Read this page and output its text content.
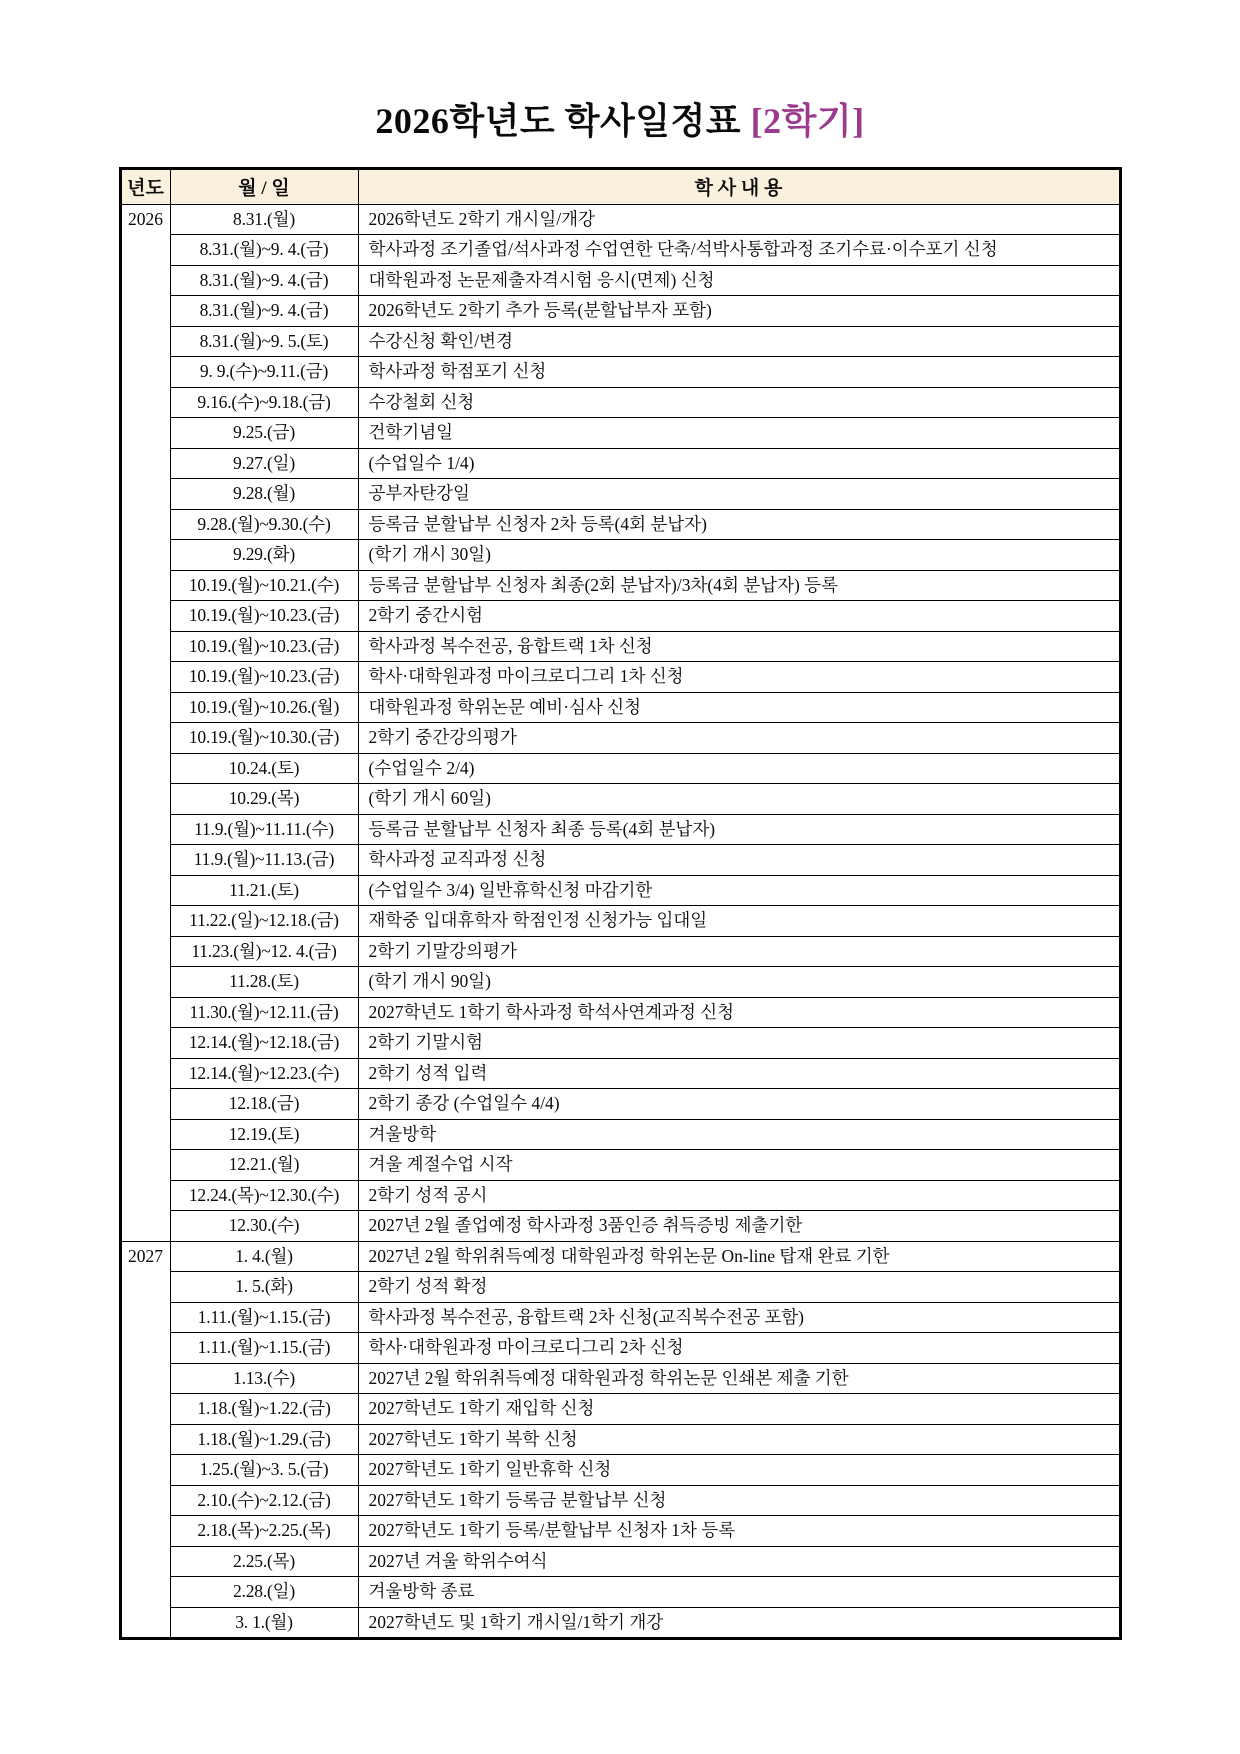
2026학년도 학사일정표 [2학기]
년도	월 / 일	학 사 내 용
2026	8.31.(월)	2026학년도 2학기 개시일/개강
	8.31.(월)~9. 4.(금)	학사과정 조기졸업/석사과정 수업연한 단축/석박사통합과정 조기수료·이수포기 신청
	8.31.(월)~9. 4.(금)	대학원과정 논문제출자격시험 응시(면제) 신청
	8.31.(월)~9. 4.(금)	2026학년도 2학기 추가 등록(분할납부자 포함)
	8.31.(월)~9. 5.(토)	수강신청 확인/변경
	9. 9.(수)~9.11.(금)	학사과정 학점포기 신청
	9.16.(수)~9.18.(금)	수강철회 신청
	9.25.(금)	건학기념일
	9.27.(일)	(수업일수 1/4)
	9.28.(월)	공부자탄강일
	9.28.(월)~9.30.(수)	등록금 분할납부 신청자 2차 등록(4회 분납자)
	9.29.(화)	(학기 개시 30일)
	10.19.(월)~10.21.(수)	등록금 분할납부 신청자 최종(2회 분납자)/3차(4회 분납자) 등록
	10.19.(월)~10.23.(금)	2학기 중간시험
	10.19.(월)~10.23.(금)	학사과정 복수전공, 융합트랙 1차 신청
	10.19.(월)~10.23.(금)	학사·대학원과정 마이크로디그리 1차 신청
	10.19.(월)~10.26.(월)	대학원과정 학위논문 예비·심사 신청
	10.19.(월)~10.30.(금)	2학기 중간강의평가
	10.24.(토)	(수업일수 2/4)
	10.29.(목)	(학기 개시 60일)
	11.9.(월)~11.11.(수)	등록금 분할납부 신청자 최종 등록(4회 분납자)
	11.9.(월)~11.13.(금)	학사과정 교직과정 신청
	11.21.(토)	(수업일수 3/4) 일반휴학신청 마감기한
	11.22.(일)~12.18.(금)	재학중 입대휴학자 학점인정 신청가능 입대일
	11.23.(월)~12. 4.(금)	2학기 기말강의평가
	11.28.(토)	(학기 개시 90일)
	11.30.(월)~12.11.(금)	2027학년도 1학기 학사과정 학석사연계과정 신청
	12.14.(월)~12.18.(금)	2학기 기말시험
	12.14.(월)~12.23.(수)	2학기 성적 입력
	12.18.(금)	2학기 종강 (수업일수 4/4)
	12.19.(토)	겨울방학
	12.21.(월)	겨울 계절수업 시작
	12.24.(목)~12.30.(수)	2학기 성적 공시
	12.30.(수)	2027년 2월 졸업예정 학사과정 3품인증 취득증빙 제출기한
2027	1. 4.(월)	2027년 2월 학위취득예정 대학원과정 학위논문 On-line 탑재 완료 기한
	1. 5.(화)	2학기 성적 확정
	1.11.(월)~1.15.(금)	학사과정 복수전공, 융합트랙 2차 신청(교직복수전공 포함)
	1.11.(월)~1.15.(금)	학사·대학원과정 마이크로디그리 2차 신청
	1.13.(수)	2027년 2월 학위취득예정 대학원과정 학위논문 인쇄본 제출 기한
	1.18.(월)~1.22.(금)	2027학년도 1학기 재입학 신청
	1.18.(월)~1.29.(금)	2027학년도 1학기 복학 신청
	1.25.(월)~3. 5.(금)	2027학년도 1학기 일반휴학 신청
	2.10.(수)~2.12.(금)	2027학년도 1학기 등록금 분할납부 신청
	2.18.(목)~2.25.(목)	2027학년도 1학기 등록/분할납부 신청자 1차 등록
	2.25.(목)	2027년 겨울 학위수여식
	2.28.(일)	겨울방학 종료
	3. 1.(월)	2027학년도 및 1학기 개시일/1학기 개강
